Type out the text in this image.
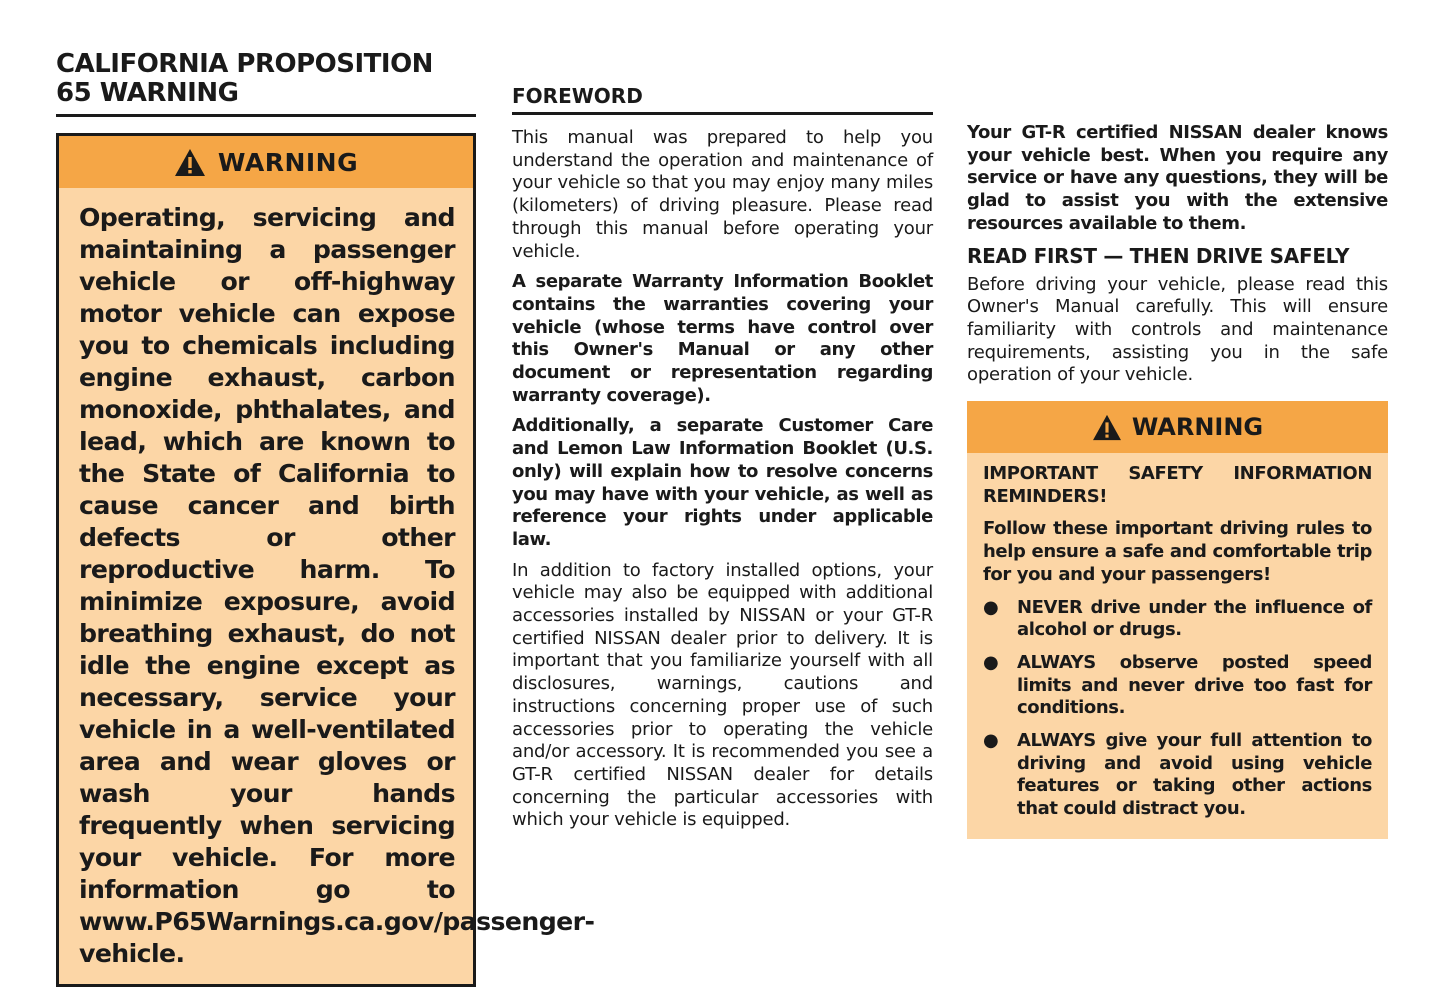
CALIFORNIA PROPOSITION 65 WARNING
WARNING
Operating, servicing and maintaining a passenger vehicle or off-highway motor vehicle can expose you to chemicals including engine exhaust, carbon monoxide, phthalates, and lead, which are known to the State of California to cause cancer and birth defects or other reproductive harm. To minimize exposure, avoid breathing exhaust, do not idle the engine except as necessary, service your vehicle in a well-ventilated area and wear gloves or wash your hands frequently when servicing your vehicle. For more information go to www.P65Warnings.ca.gov/passenger-vehicle.
FOREWORD

This manual was prepared to help you understand the operation and maintenance of your vehicle so that you may enjoy many miles (kilometers) of driving pleasure. Please read through this manual before operating your vehicle.

A separate Warranty Information Booklet contains the warranties covering your vehicle (whose terms have control over this Owner's Manual or any other document or representation regarding warranty coverage).

Additionally, a separate Customer Care and Lemon Law Information Booklet (U.S. only) will explain how to resolve concerns you may have with your vehicle, as well as reference your rights under applicable law.

In addition to factory installed options, your vehicle may also be equipped with additional accessories installed by NISSAN or your GT-R certified NISSAN dealer prior to delivery. It is important that you familiarize yourself with all disclosures, warnings, cautions and instructions concerning proper use of such accessories prior to operating the vehicle and/or accessory. It is recommended you see a GT-R certified NISSAN dealer for details concerning the particular accessories with which your vehicle is equipped.

Your GT-R certified NISSAN dealer knows your vehicle best. When you require any service or have any questions, they will be glad to assist you with the extensive resources available to them.

READ FIRST — THEN DRIVE SAFELY

Before driving your vehicle, please read this Owner's Manual carefully. This will ensure familiarity with controls and maintenance requirements, assisting you in the safe operation of your vehicle.

WARNING

IMPORTANT SAFETY INFORMATION REMINDERS!

Follow these important driving rules to help ensure a safe and comfortable trip for you and your passengers!

●	NEVER drive under the influence of alcohol or drugs.
●	ALWAYS observe posted speed limits and never drive too fast for conditions.
●	ALWAYS give your full attention to driving and avoid using vehicle features or taking other actions that could distract you.
